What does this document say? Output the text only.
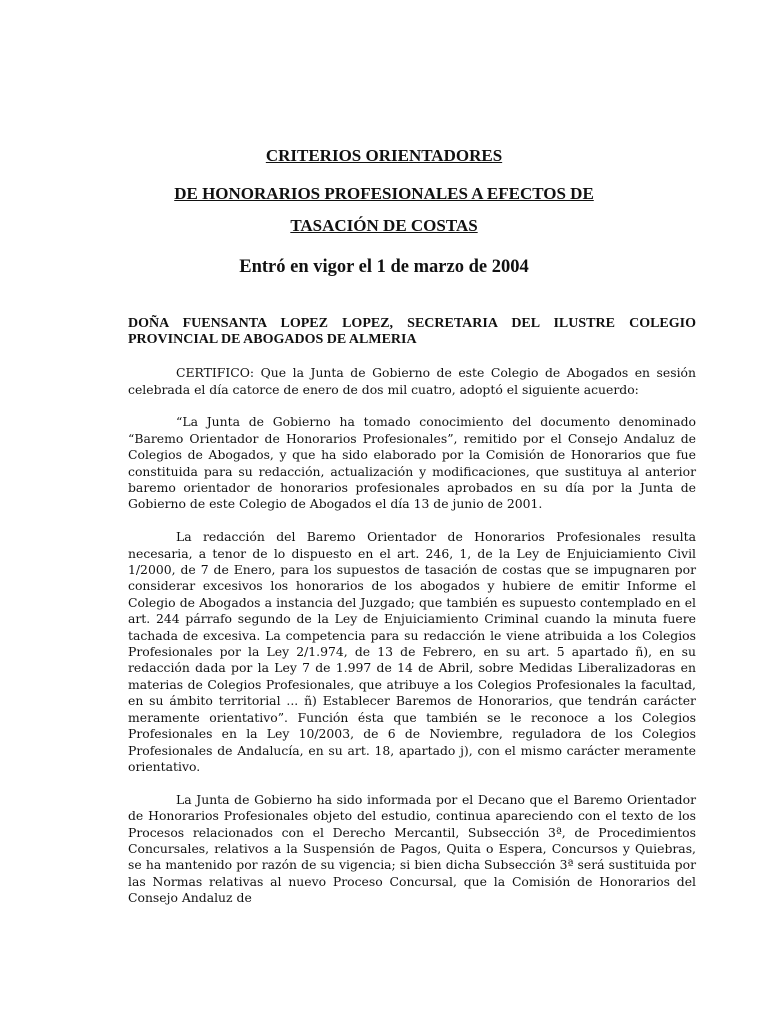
CRITERIOS ORIENTADORES
DE HONORARIOS PROFESIONALES A EFECTOS DE
TASACIÓN DE COSTAS
Entró en vigor el 1 de marzo de 2004

DOÑA FUENSANTA LOPEZ LOPEZ, SECRETARIA DEL ILUSTRE COLEGIO PROVINCIAL DE ABOGADOS DE ALMERIA

CERTIFICO: Que la Junta de Gobierno de este Colegio de Abogados en sesión celebrada el día catorce de enero de dos mil cuatro, adoptó el siguiente acuerdo:

“La Junta de Gobierno ha tomado conocimiento del documento denominado “Baremo Orientador de Honorarios Profesionales”, remitido por el Consejo Andaluz de Colegios de Abogados, y que ha sido elaborado por la Comisión de Honorarios que fue constituida para su redacción, actualización y modificaciones, que sustituya al anterior baremo orientador de honorarios profesionales aprobados en su día por la Junta de Gobierno de este Colegio de Abogados el día 13 de junio de 2001.

La redacción del Baremo Orientador de Honorarios Profesionales resulta necesaria, a tenor de lo dispuesto en el art. 246, 1, de la Ley de Enjuiciamiento Civil 1/2000, de 7 de Enero, para los supuestos de tasación de costas que se impugnaren por considerar excesivos los honorarios de los abogados y hubiere de emitir Informe el Colegio de Abogados a instancia del Juzgado; que también es supuesto contemplado en el art. 244 párrafo segundo de la Ley de Enjuiciamiento Criminal cuando la minuta fuere tachada de excesiva. La competencia para su redacción le viene atribuida a los Colegios Profesionales por la Ley 2/1.974, de 13 de Febrero, en su art. 5 apartado ñ), en su redacción dada por la Ley 7 de 1.997 de 14 de Abril, sobre Medidas Liberalizadoras en materias de Colegios Profesionales, que atribuye a los Colegios Profesionales la facultad, en su ámbito territorial ... ñ) Establecer Baremos de Honorarios, que tendrán carácter meramente orientativo”. Función ésta que también se le reconoce a los Colegios Profesionales en la Ley 10/2003, de 6 de Noviembre, reguladora de los Colegios Profesionales de Andalucía, en su art. 18, apartado j), con el mismo carácter meramente orientativo.

La Junta de Gobierno ha sido informada por el Decano que el Baremo Orientador de Honorarios Profesionales objeto del estudio, continua apareciendo con el texto de los Procesos relacionados con el Derecho Mercantil, Subsección 3ª, de Procedimientos Concursales, relativos a la Suspensión de Pagos, Quita o Espera, Concursos y Quiebras, se ha mantenido por razón de su vigencia; si bien dicha Subsección 3ª será sustituida por las Normas relativas al nuevo Proceso Concursal, que la Comisión de Honorarios del Consejo Andaluz de
